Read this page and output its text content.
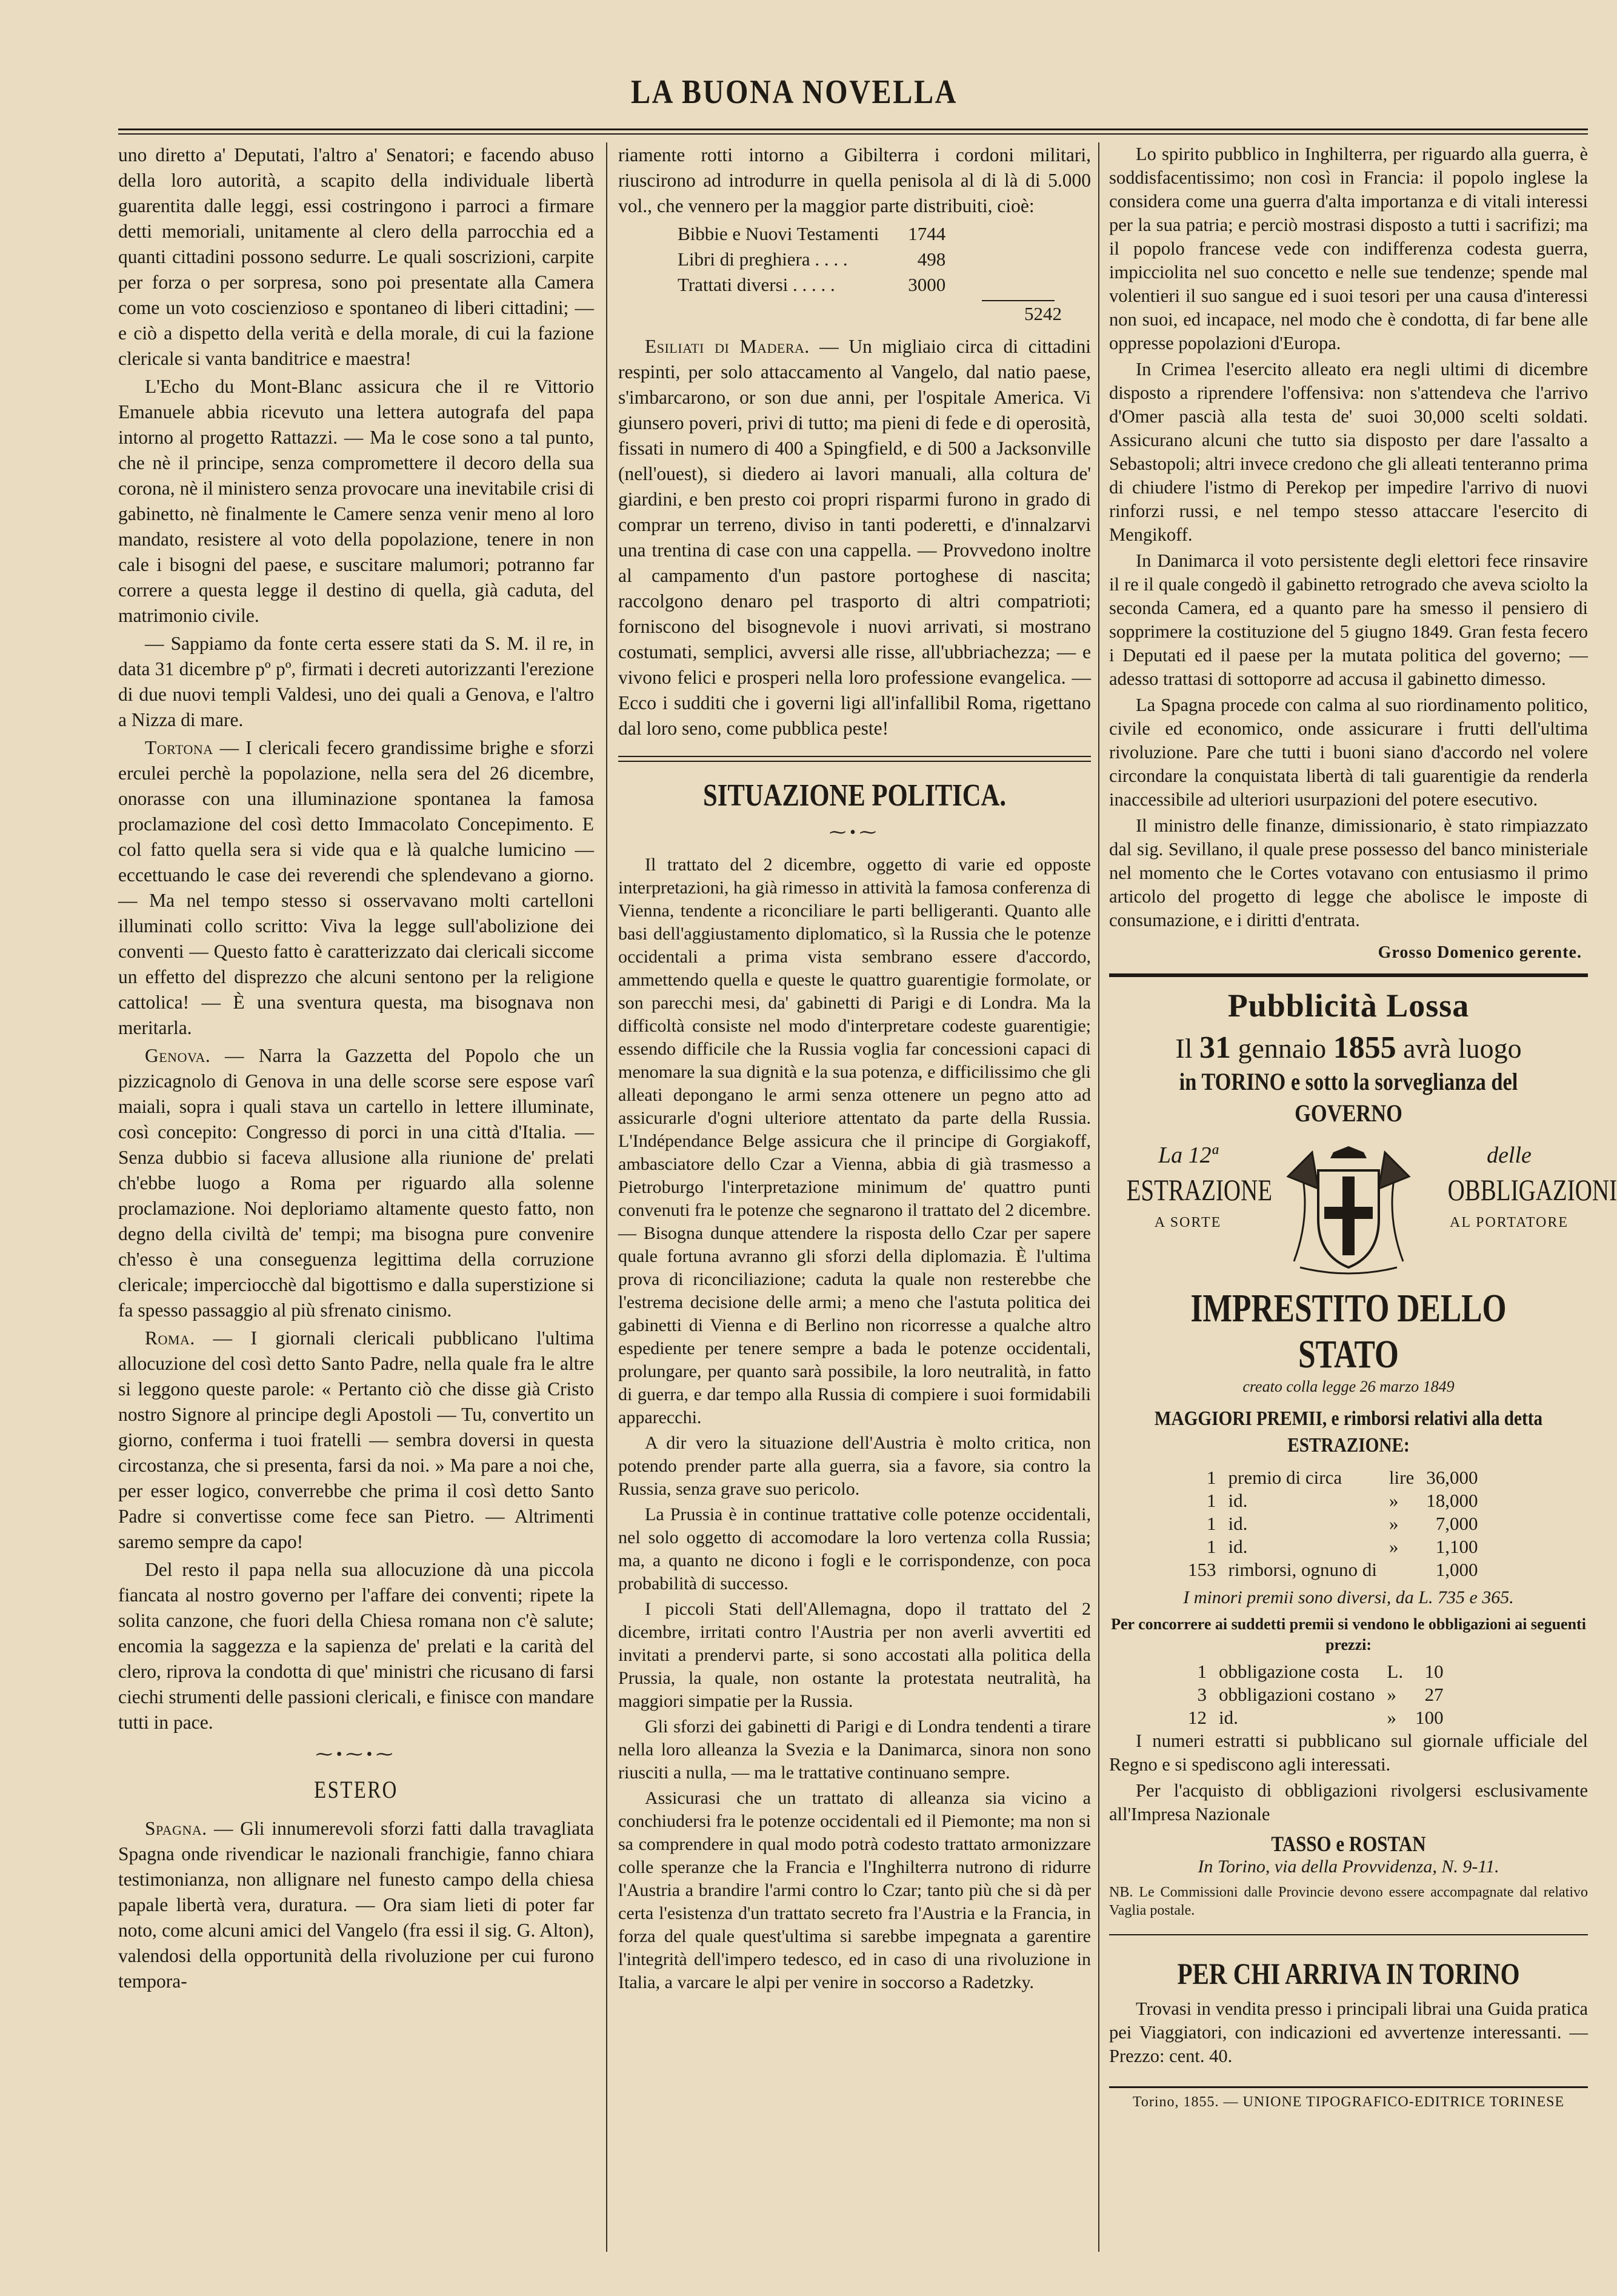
LA BUONA NOVELLA

uno diretto a' Deputati, l'altro a' Senatori; e facendo abuso della loro autorità, a scapito della individuale libertà guarentita dalle leggi, essi costringono i parroci a firmare detti memoriali, unitamente al clero della parrocchia ed a quanti cittadini possono sedurre. Le quali soscrizioni, carpite per forza o per sorpresa, sono poi presentate alla Camera come un voto coscienzioso e spontaneo di liberi cittadini; — e ciò a dispetto della verità e della morale, di cui la fazione clericale si vanta banditrice e maestra!

L'Echo du Mont-Blanc assicura che il re Vittorio Emanuele abbia ricevuto una lettera autografa del papa intorno al progetto Rattazzi. — Ma le cose sono a tal punto, che nè il principe, senza compromettere il decoro della sua corona, nè il ministero senza provocare una inevitabile crisi di gabinetto, nè finalmente le Camere senza venir meno al loro mandato, resistere al voto della popolazione, tenere in non cale i bisogni del paese, e suscitare malumori; potranno far correre a questa legge il destino di quella, già caduta, del matrimonio civile.

— Sappiamo da fonte certa essere stati da S. M. il re, in data 31 dicembre pº pº, firmati i decreti autorizzanti l'erezione di due nuovi templi Valdesi, uno dei quali a Genova, e l'altro a Nizza di mare.

Tortona — I clericali fecero grandissime brighe e sforzi erculei perchè la popolazione, nella sera del 26 dicembre, onorasse con una illuminazione spontanea la famosa proclamazione del così detto Immacolato Concepimento. E col fatto quella sera si vide qua e là qualche lumicino — eccettuando le case dei reverendi che splendevano a giorno. — Ma nel tempo stesso si osservavano molti cartelloni illuminati collo scritto: Viva la legge sull'abolizione dei conventi — Questo fatto è caratterizzato dai clericali siccome un effetto del disprezzo che alcuni sentono per la religione cattolica! — È una sventura questa, ma bisognava non meritarla.

Genova. — Narra la Gazzetta del Popolo che un pizzicagnolo di Genova in una delle scorse sere espose varî maiali, sopra i quali stava un cartello in lettere illuminate, così concepito: Congresso di porci in una città d'Italia. — Senza dubbio si faceva allusione alla riunione de' prelati ch'ebbe luogo a Roma per riguardo alla solenne proclamazione. Noi deploriamo altamente questo fatto, non degno della civiltà de' tempi; ma bisogna pure convenire ch'esso è una conseguenza legittima della corruzione clericale; imperciocchè dal bigottismo e dalla superstizione si fa spesso passaggio al più sfrenato cinismo.

Roma. — I giornali clericali pubblicano l'ultima allocuzione del così detto Santo Padre, nella quale fra le altre si leggono queste parole: « Pertanto ciò che disse già Cristo nostro Signore al principe degli Apostoli — Tu, convertito un giorno, conferma i tuoi fratelli — sembra doversi in questa circostanza, che si presenta, farsi da noi. » Ma pare a noi che, per esser logico, converrebbe che prima il così detto Santo Padre si convertisse come fece san Pietro. — Altrimenti saremo sempre da capo!

Del resto il papa nella sua allocuzione dà una piccola fiancata al nostro governo per l'affare dei conventi; ripete la solita canzone, che fuori della Chiesa romana non c'è salute; encomia la saggezza e la sapienza de' prelati e la carità del clero, riprova la condotta di que' ministri che ricusano di farsi ciechi strumenti delle passioni clericali, e finisce con mandare tutti in pace.

⁓•⁓•⁓
ESTERO

Spagna. — Gli innumerevoli sforzi fatti dalla travagliata Spagna onde rivendicar le nazionali franchigie, fanno chiara testimonianza, non allignare nel funesto campo della chiesa papale libertà vera, duratura. — Ora siam lieti di poter far noto, come alcuni amici del Vangelo (fra essi il sig. G. Alton), valendosi della opportunità della rivoluzione per cui furono tempora-

riamente rotti intorno a Gibilterra i cordoni militari, riuscirono ad introdurre in quella penisola al di là di 5.000 vol., che vennero per la maggior parte distribuiti, cioè:

Bibbie e Nuovi Testamenti	1744
Libri di preghiera . . . .	498
Trattati diversi . . . . .	3000
5242

Esiliati di Madera. — Un migliaio circa di cittadini respinti, per solo attaccamento al Vangelo, dal natio paese, s'imbarcarono, or son due anni, per l'ospitale America. Vi giunsero poveri, privi di tutto; ma pieni di fede e di operosità, fissati in numero di 400 a Spingfield, e di 500 a Jacksonville (nell'ouest), si diedero ai lavori manuali, alla coltura de' giardini, e ben presto coi propri risparmi furono in grado di comprar un terreno, diviso in tanti poderetti, e d'innalzarvi una trentina di case con una cappella. — Provvedono inoltre al campamento d'un pastore portoghese di nascita; raccolgono denaro pel trasporto di altri compatrioti; forniscono del bisognevole i nuovi arrivati, si mostrano costumati, semplici, avversi alle risse, all'ubbriachezza; — e vivono felici e prosperi nella loro professione evangelica. — Ecco i sudditi che i governi ligi all'infallibil Roma, rigettano dal loro seno, come pubblica peste!

SITUAZIONE POLITICA.
⁓•⁓

Il trattato del 2 dicembre, oggetto di varie ed opposte interpretazioni, ha già rimesso in attività la famosa conferenza di Vienna, tendente a riconciliare le parti belligeranti. Quanto alle basi dell'aggiustamento diplomatico, sì la Russia che le potenze occidentali a prima vista sembrano essere d'accordo, ammettendo quella e queste le quattro guarentigie formolate, or son parecchi mesi, da' gabinetti di Parigi e di Londra. Ma la difficoltà consiste nel modo d'interpretare codeste guarentigie; essendo difficile che la Russia voglia far concessioni capaci di menomare la sua dignità e la sua potenza, e difficilissimo che gli alleati depongano le armi senza ottenere un pegno atto ad assicurarle d'ogni ulteriore attentato da parte della Russia. L'Indépendance Belge assicura che il principe di Gorgiakoff, ambasciatore dello Czar a Vienna, abbia di già trasmesso a Pietroburgo l'interpretazione minimum de' quattro punti convenuti fra le potenze che segnarono il trattato del 2 dicembre. — Bisogna dunque attendere la risposta dello Czar per sapere quale fortuna avranno gli sforzi della diplomazia. È l'ultima prova di riconciliazione; caduta la quale non resterebbe che l'estrema decisione delle armi; a meno che l'astuta politica dei gabinetti di Vienna e di Berlino non ricorresse a qualche altro espediente per tenere sempre a bada le potenze occidentali, prolungare, per quanto sarà possibile, la loro neutralità, in fatto di guerra, e dar tempo alla Russia di compiere i suoi formidabili apparecchi.

A dir vero la situazione dell'Austria è molto critica, non potendo prender parte alla guerra, sia a favore, sia contro la Russia, senza grave suo pericolo.

La Prussia è in continue trattative colle potenze occidentali, nel solo oggetto di accomodare la loro vertenza colla Russia; ma, a quanto ne dicono i fogli e le corrispondenze, con poca probabilità di successo.

I piccoli Stati dell'Allemagna, dopo il trattato del 2 dicembre, irritati contro l'Austria per non averli avvertiti ed invitati a prendervi parte, si sono accostati alla politica della Prussia, la quale, non ostante la protestata neutralità, ha maggiori simpatie per la Russia.

Gli sforzi dei gabinetti di Parigi e di Londra tendenti a tirare nella loro alleanza la Svezia e la Danimarca, sinora non sono riusciti a nulla, — ma le trattative continuano sempre.

Assicurasi che un trattato di alleanza sia vicino a conchiudersi fra le potenze occidentali ed il Piemonte; ma non si sa comprendere in qual modo potrà codesto trattato armonizzare colle speranze che la Francia e l'Inghilterra nutrono di ridurre l'Austria a brandire l'armi contro lo Czar; tanto più che si dà per certa l'esistenza d'un trattato secreto fra l'Austria e la Francia, in forza del quale quest'ultima si sarebbe impegnata a garentire l'integrità dell'impero tedesco, ed in caso di una rivoluzione in Italia, a varcare le alpi per venire in soccorso a Radetzky.

Lo spirito pubblico in Inghilterra, per riguardo alla guerra, è soddisfacentissimo; non così in Francia: il popolo inglese la considera come una guerra d'alta importanza e di vitali interessi per la sua patria; e perciò mostrasi disposto a tutti i sacrifizi; ma il popolo francese vede con indifferenza codesta guerra, impicciolita nel suo concetto e nelle sue tendenze; spende mal volentieri il suo sangue ed i suoi tesori per una causa d'interessi non suoi, ed incapace, nel modo che è condotta, di far bene alle oppresse popolazioni d'Europa.

In Crimea l'esercito alleato era negli ultimi di dicembre disposto a riprendere l'offensiva: non s'attendeva che l'arrivo d'Omer pascià alla testa de' suoi 30,000 scelti soldati. Assicurano alcuni che tutto sia disposto per dare l'assalto a Sebastopoli; altri invece credono che gli alleati tenteranno prima di chiudere l'istmo di Perekop per impedire l'arrivo di nuovi rinforzi russi, e nel tempo stesso attaccare l'esercito di Mengikoff.

In Danimarca il voto persistente degli elettori fece rinsavire il re il quale congedò il gabinetto retrogrado che aveva sciolto la seconda Camera, ed a quanto pare ha smesso il pensiero di sopprimere la costituzione del 5 giugno 1849. Gran festa fecero i Deputati ed il paese per la mutata politica del governo; — adesso trattasi di sottoporre ad accusa il gabinetto dimesso.

La Spagna procede con calma al suo riordinamento politico, civile ed economico, onde assicurare i frutti dell'ultima rivoluzione. Pare che tutti i buoni siano d'accordo nel volere circondare la conquistata libertà di tali guarentigie da renderla inaccessibile ad ulteriori usurpazioni del potere esecutivo.

Il ministro delle finanze, dimissionario, è stato rimpiazzato dal sig. Sevillano, il quale prese possesso del banco ministeriale nel momento che le Cortes votavano con entusiasmo il primo articolo del progetto di legge che abolisce le imposte di consumazione, e i diritti d'entrata.

Grosso Domenico gerente.
Pubblicità Lossa
Il 31 gennaio 1855 avrà luogo
in TORINO e sotto la sorveglianza del GOVERNO
La 12ª
ESTRAZIONE
A SORTE
delle
OBBLIGAZIONI
AL PORTATORE
IMPRESTITO DELLO STATO
creato colla legge 26 marzo 1849
MAGGIORI PREMII, e rimborsi relativi alla detta ESTRAZIONE:
1	premio di circa	lire	36,000
1	id.	»	18,000
1	id.	»	7,000
1	id.	»	1,100
153	rimborsi, ognuno di		1,000
I minori premii sono diversi, da L. 735 e 365.
Per concorrere ai suddetti premii si vendono le obbligazioni ai seguenti prezzi:
1	obbligazione costa	L.	10
3	obbligazioni costano	»	27
12	id.	»	100

I numeri estratti si pubblicano sul giornale ufficiale del Regno e si spediscono agli interessati.

Per l'acquisto di obbligazioni rivolgersi esclusivamente all'Impresa Nazionale

TASSO e ROSTAN
In Torino, via della Provvidenza, N. 9-11.
NB. Le Commissioni dalle Provincie devono essere accompagnate dal relativo Vaglia postale.
PER CHI ARRIVA IN TORINO

Trovasi in vendita presso i principali librai una Guida pratica pei Viaggiatori, con indicazioni ed avvertenze interessanti. — Prezzo: cent. 40.

Torino, 1855. — UNIONE TIPOGRAFICO-EDITRICE TORINESE
